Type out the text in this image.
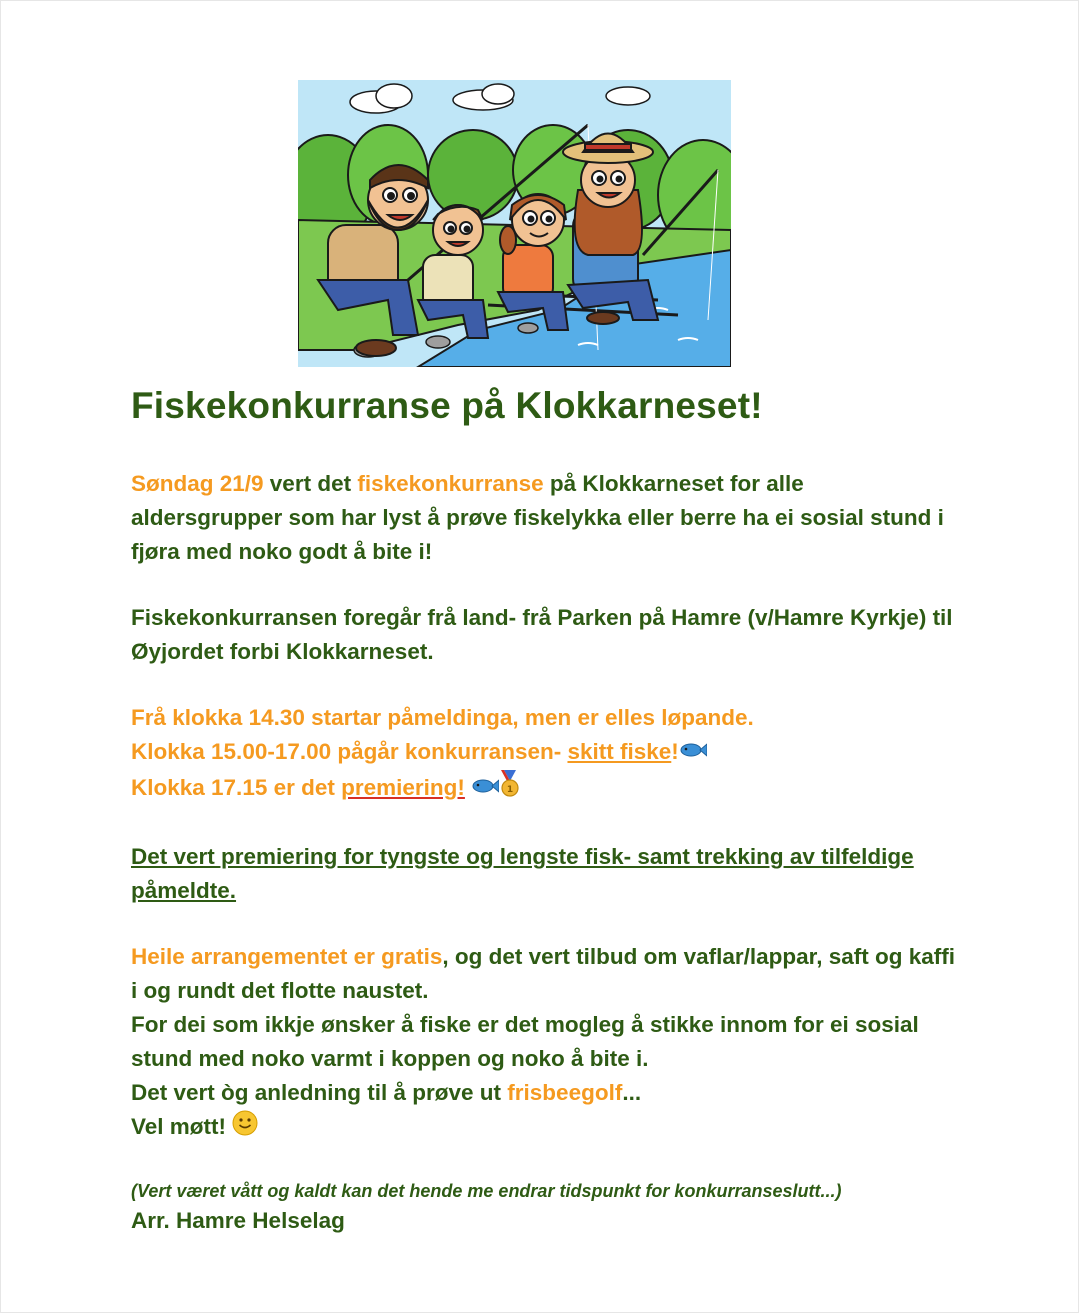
Fiskekonkurranse på Klokkarneset!

Søndag 21/9 vert det fiskekonkurranse på Klokkarneset for alle aldersgrupper som har lyst å prøve fiskelykka eller berre ha ei sosial stund i fjøra med noko godt å bite i!

Fiskekonkurransen foregår frå land- frå Parken på Hamre (v/Hamre Kyrkje) til Øyjordet forbi Klokkarneset.

Frå klokka 14.30 startar påmeldinga, men er elles løpande.
Klokka 15.00-17.00 pågår konkurransen- skitt fiske!
Klokka 17.15 er det premiering!	1

Det vert premiering for tyngste og lengste fisk- samt trekking av tilfeldige påmeldte.

Heile arrangementet er gratis, og det vert tilbud om vaflar/lappar, saft og kaffi i og rundt det flotte naustet.
For dei som ikkje ønsker å fiske er det mogleg å stikke innom for ei sosial stund med noko varmt i koppen og noko å bite i.
Det vert òg anledning til å prøve ut frisbeegolf...
Vel møtt!

(Vert været vått og kaldt kan det hende me endrar tidspunkt for konkurranseslutt...)

Arr. Hamre Helselag
